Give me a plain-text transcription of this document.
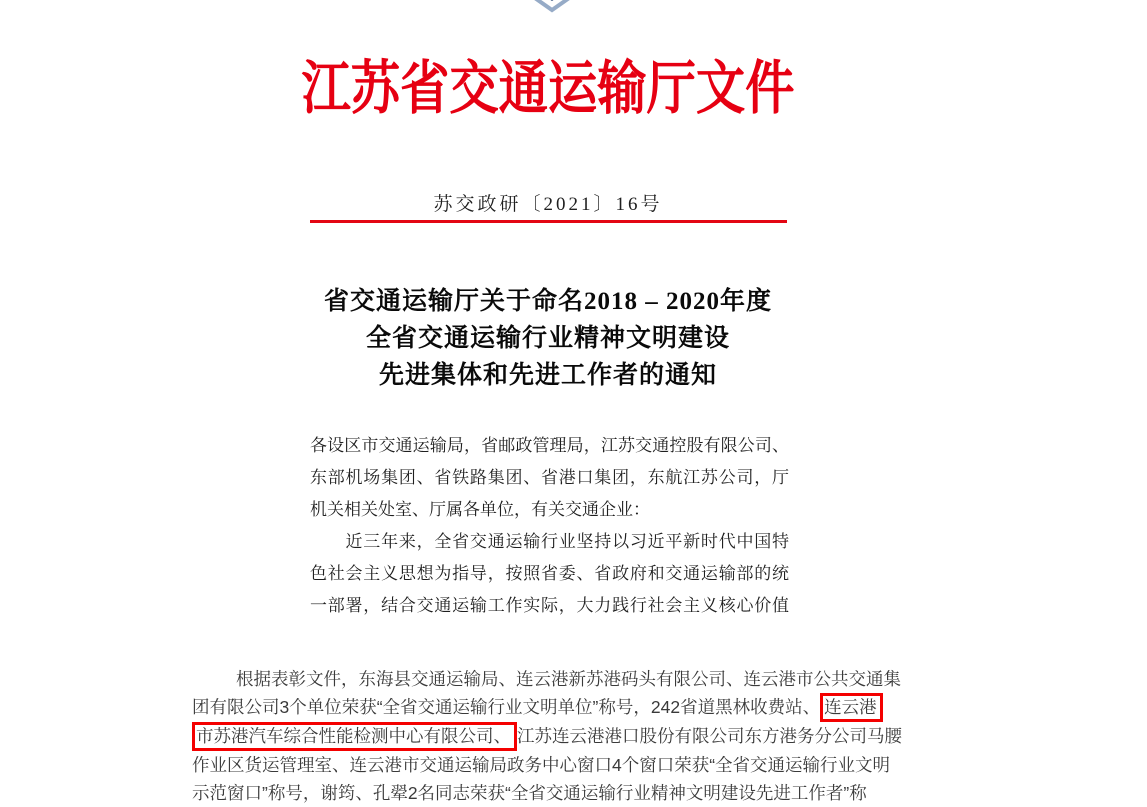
江苏省交通运输厅文件
苏交政研〔2021〕16号
省交通运输厅关于命名2018 – 2020年度
全省交通运输行业精神文明建设
先进集体和先进工作者的通知
各设区市交通运输局，省邮政管理局，江苏交通控股有限公司、
东部机场集团、省铁路集团、省港口集团，东航江苏公司，厅
机关相关处室、厅属各单位，有关交通企业：
　　近三年来，全省交通运输行业坚持以习近平新时代中国特
色社会主义思想为指导，按照省委、省政府和交通运输部的统
一部署，结合交通运输工作实际，大力践行社会主义核心价值
根据表彰文件，东海县交通运输局、连云港新苏港码头有限公司、连云港市公共交通集
团有限公司3个单位荣获“全省交通运输行业文明单位”称号，242省道黑林收费站、 连云港
市苏港汽车综合性能检测中心有限公司、 江苏连云港港口股份有限公司东方港务分公司马腰
作业区货运管理室、连云港市交通运输局政务中心窗口4个窗口荣获“全省交通运输行业文明
示范窗口”称号，谢筠、孔翚2名同志荣获“全省交通运输行业精神文明建设先进工作者”称
